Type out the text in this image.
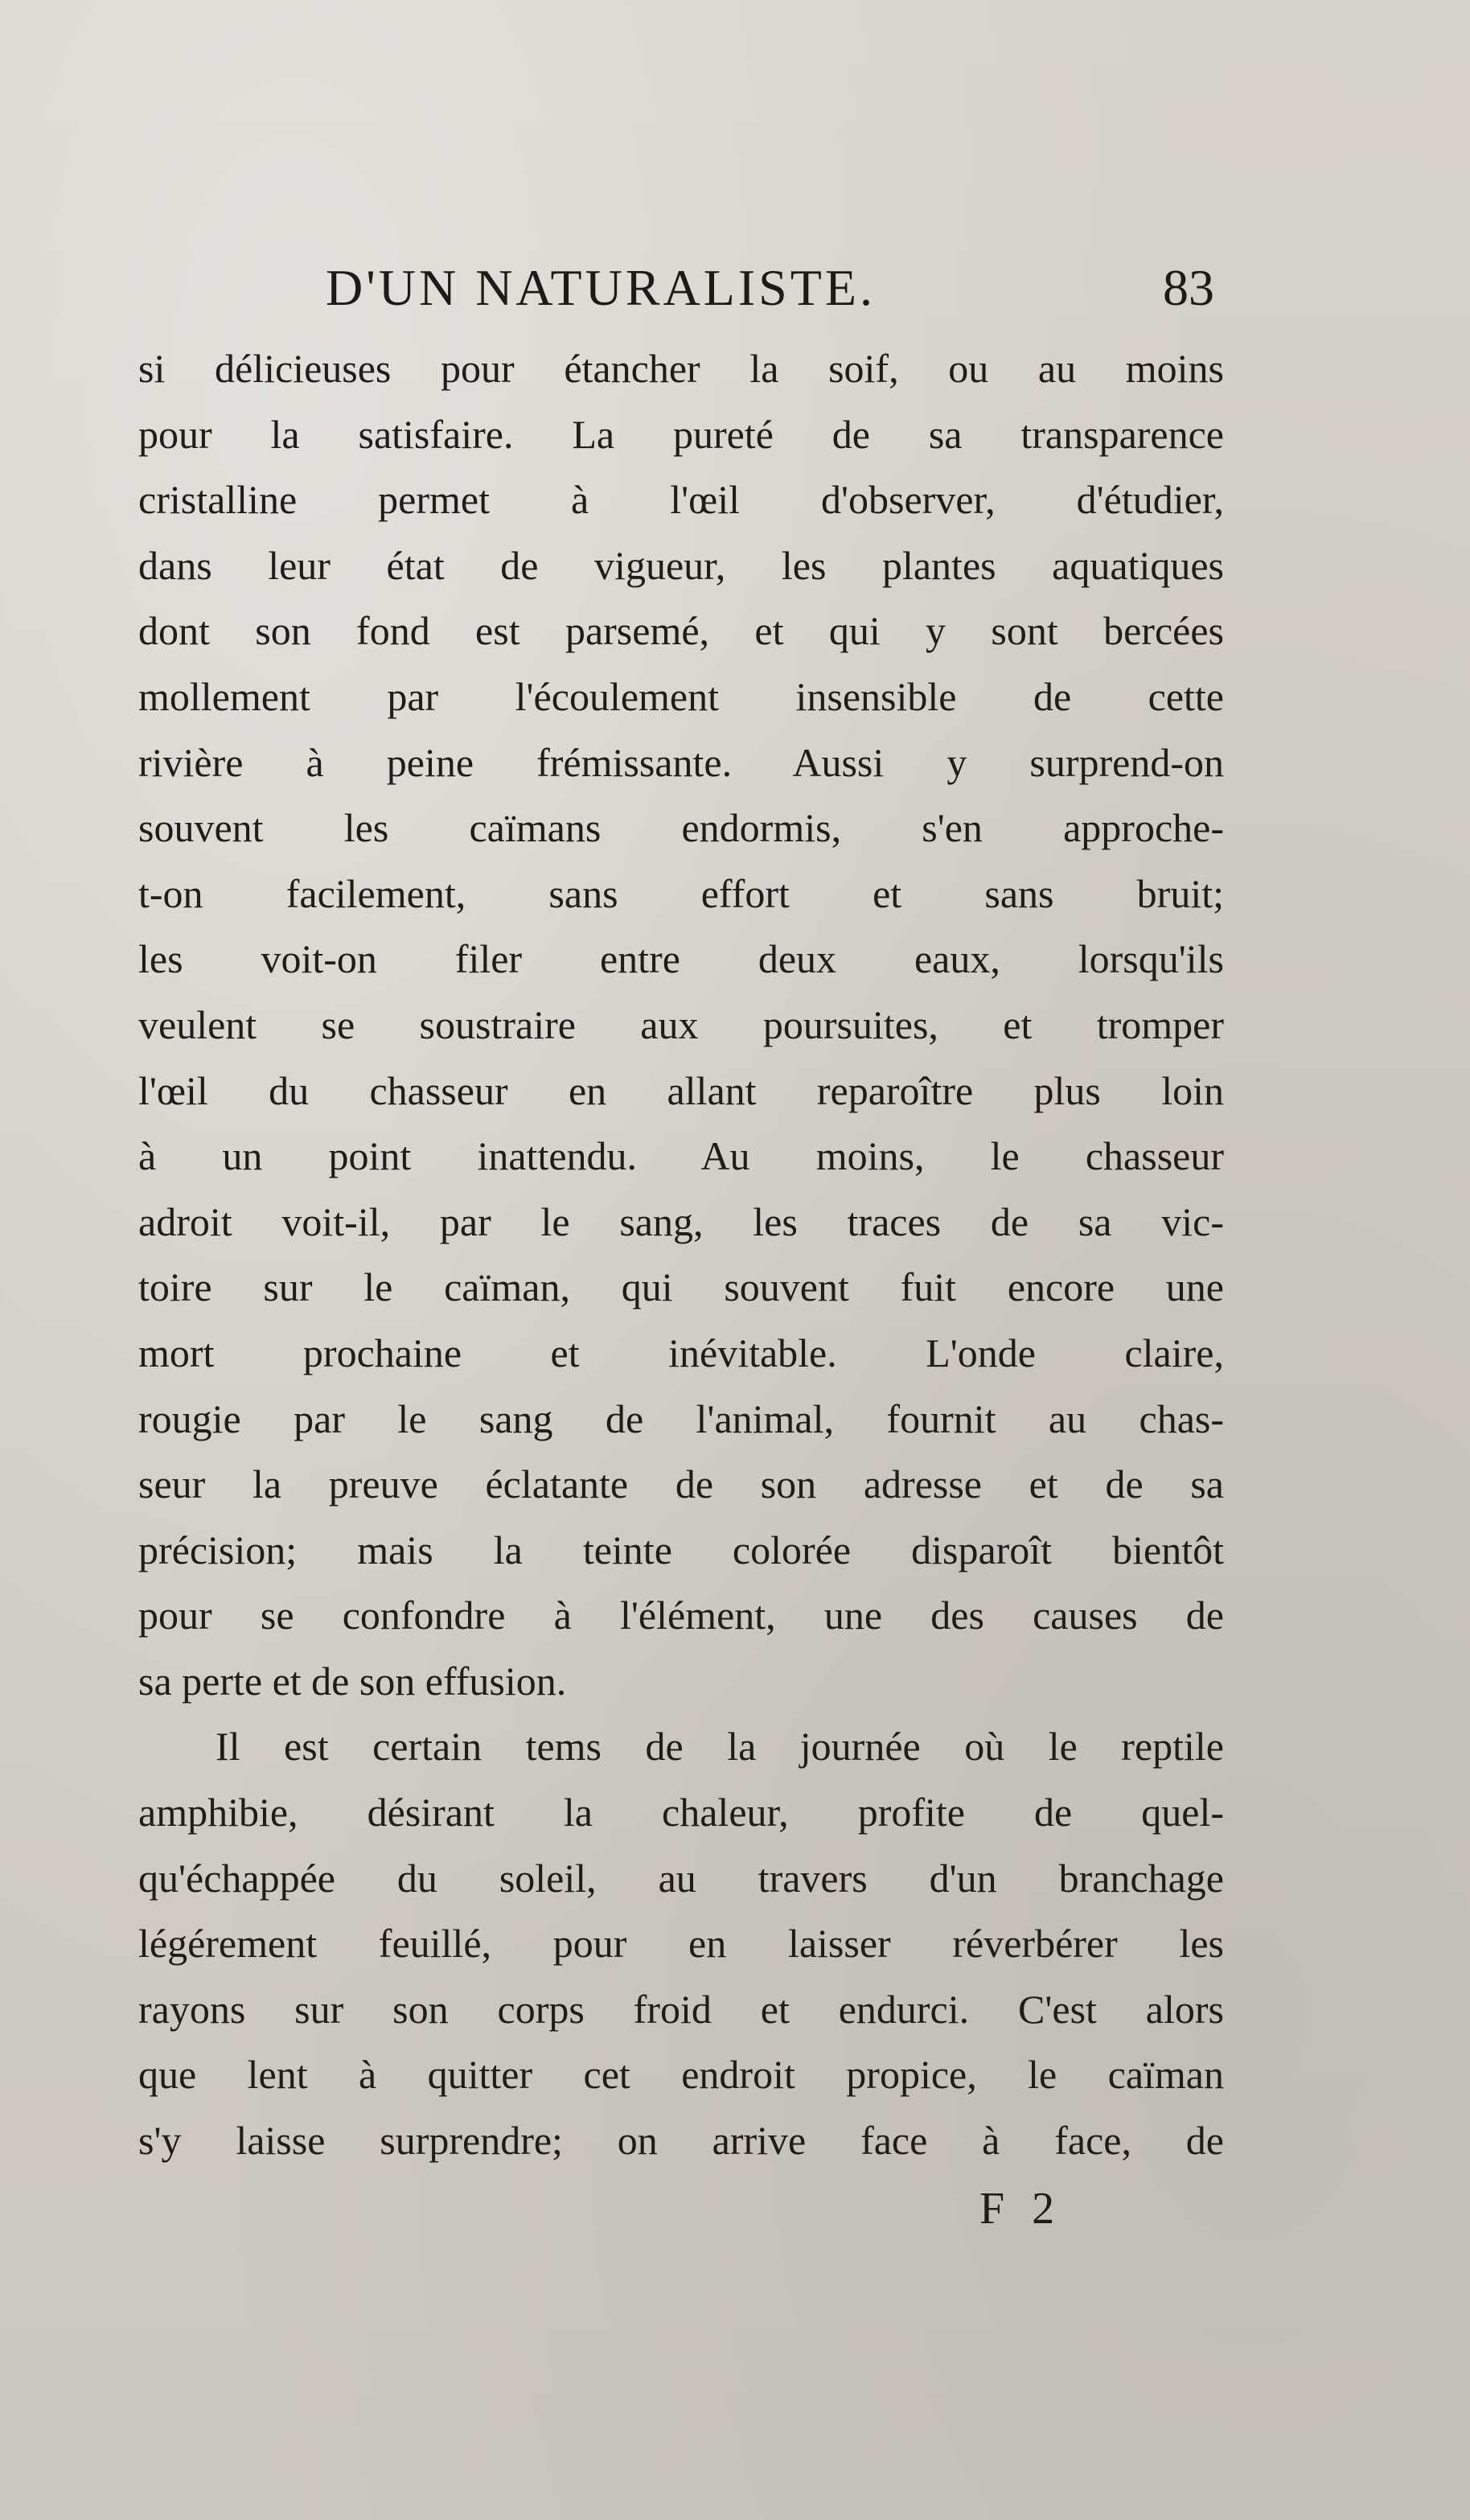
D'UN NATURALISTE.	83
si délicieuses pour étancher la soif, ou au moins
pour la satisfaire. La pureté de sa transparence
cristalline permet à l'œil d'observer, d'étudier,
dans leur état de vigueur, les plantes aquatiques
dont son fond est parsemé, et qui y sont bercées
mollement par l'écoulement insensible de cette
rivière à peine frémissante. Aussi y surprend-on
souvent les caïmans endormis, s'en approche-
t-on facilement, sans effort et sans bruit;
les voit-on filer entre deux eaux, lorsqu'ils
veulent se soustraire aux poursuites, et tromper
l'œil du chasseur en allant reparoître plus loin
à un point inattendu. Au moins, le chasseur
adroit voit-il, par le sang, les traces de sa vic-
toire sur le caïman, qui souvent fuit encore une
mort prochaine et inévitable. L'onde claire,
rougie par le sang de l'animal, fournit au chas-
seur la preuve éclatante de son adresse et de sa
précision; mais la teinte colorée disparoît bientôt
pour se confondre à l'élément, une des causes de
sa perte et de son effusion.
Il est certain tems de la journée où le reptile
amphibie, désirant la chaleur, profite de quel-
qu'échappée du soleil, au travers d'un branchage
légérement feuillé, pour en laisser réverbérer les
rayons sur son corps froid et endurci. C'est alors
que lent à quitter cet endroit propice, le caïman
s'y laisse surprendre; on arrive face à face, de
F 2
